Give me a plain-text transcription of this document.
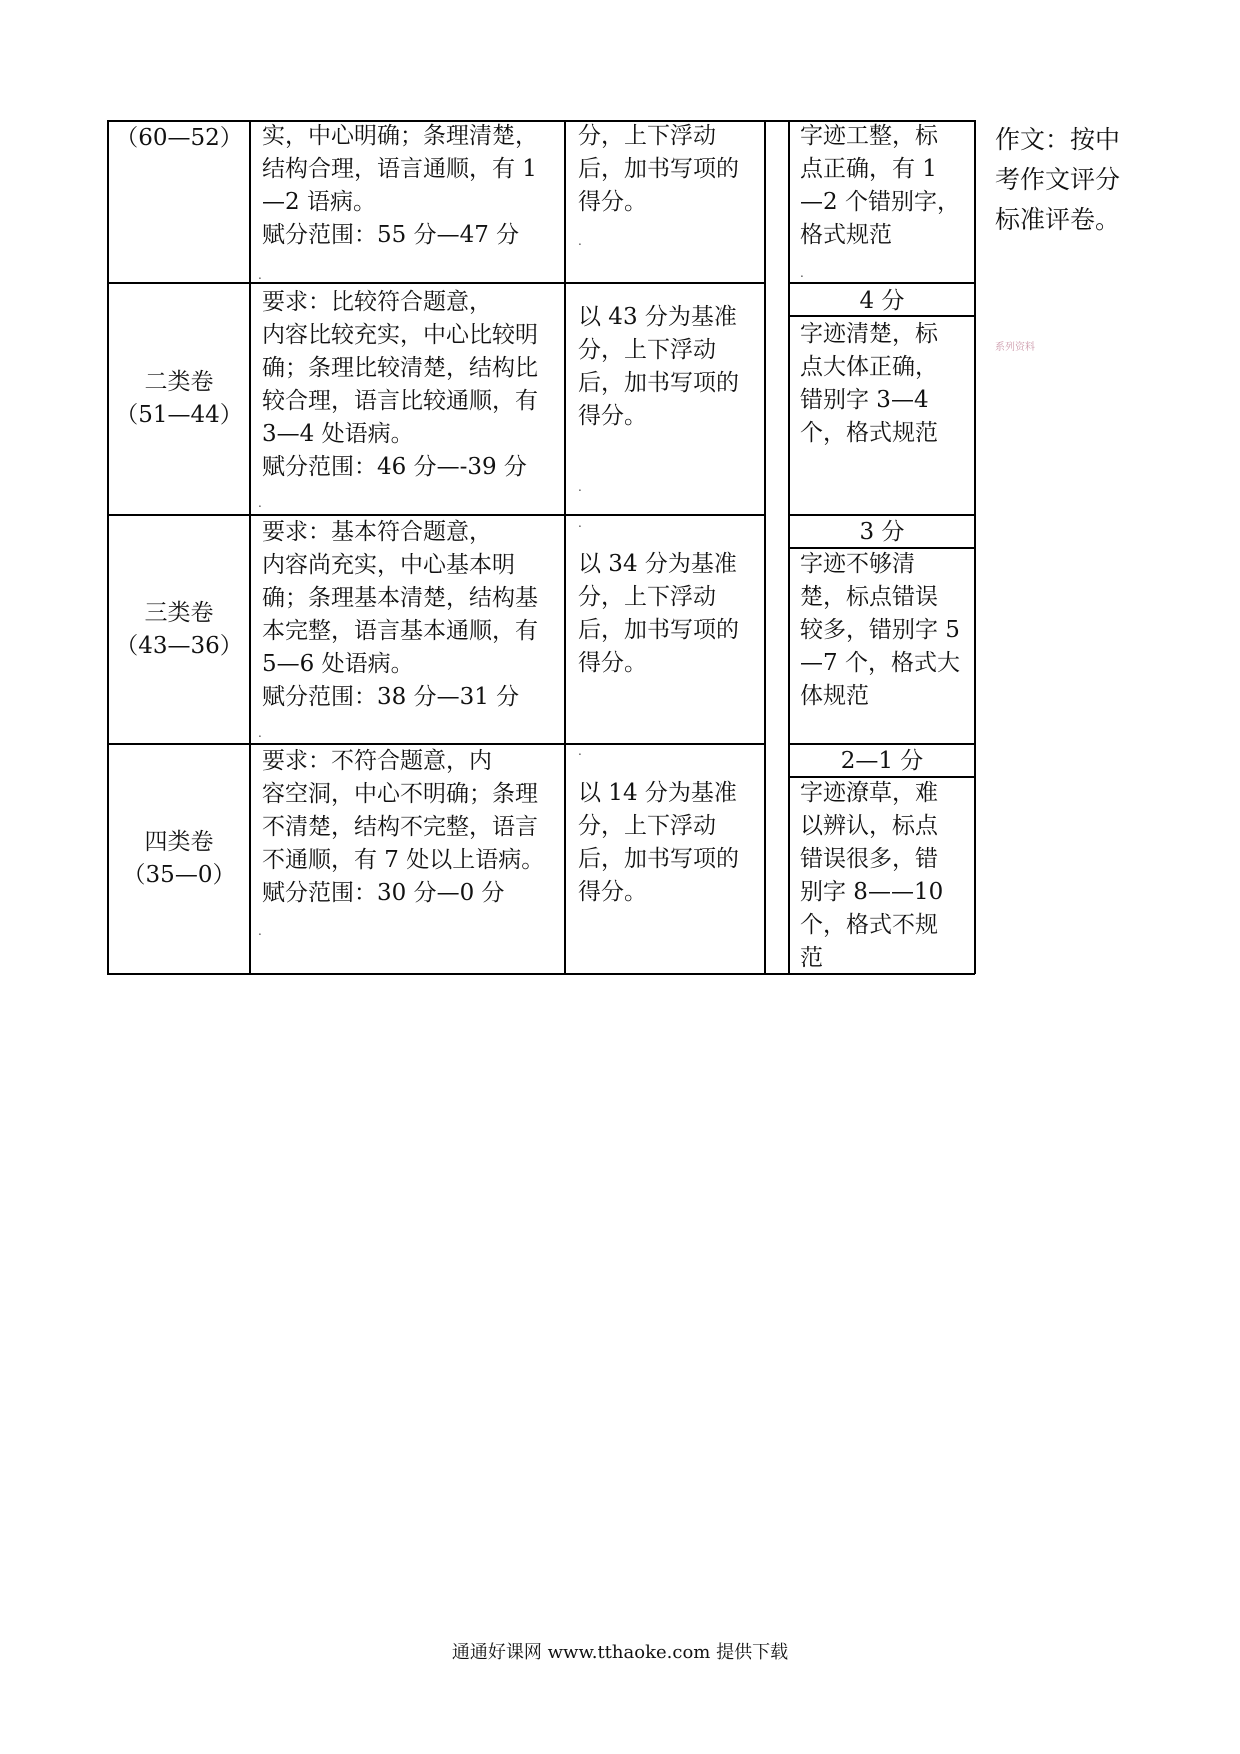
（60—52） 实，中心明确；条理清楚，
结构合理，语言通顺，有 1
—2 语病。
赋分范围：55 分—47 分
分，上下浮动
后，加书写项的
得分。
字迹工整，标
点正确，有 1
—2 个错别字，
格式规范
二类卷
（51—44）
要求：比较符合题意，
内容比较充实，中心比较明
确；条理比较清楚，结构比
较合理，语言比较通顺，有
3—4 处语病。
赋分范围：46 分—-39 分
以 43 分为基准
分，上下浮动
后，加书写项的
得分。
4 分
字迹清楚，标
点大体正确，
错别字 3—4
个，格式规范
三类卷
（43—36）
要求：基本符合题意，
内容尚充实，中心基本明
确；条理基本清楚，结构基
本完整，语言基本通顺，有
5—6 处语病。
赋分范围：38 分—31 分
以 34 分为基准
分，上下浮动
后，加书写项的
得分。
3 分
字迹不够清
楚，标点错误
较多，错别字 5
—7 个，格式大
体规范
四类卷
（35—0）
要求：不符合题意，内
容空洞，中心不明确；条理
不清楚，结构不完整，语言
不通顺，有 7 处以上语病。
赋分范围：30 分—0 分
以 14 分为基准
分，上下浮动
后，加书写项的
得分。
2—1 分
字迹潦草，难
以辨认，标点
错误很多，错
别字 8——10
个，格式不规
范
.
.
.
.
.
.
.
.
.
作文：按中
考作文评分
标准评卷。
系列资料
通通好课网 www.tthaoke.com 提供下载
